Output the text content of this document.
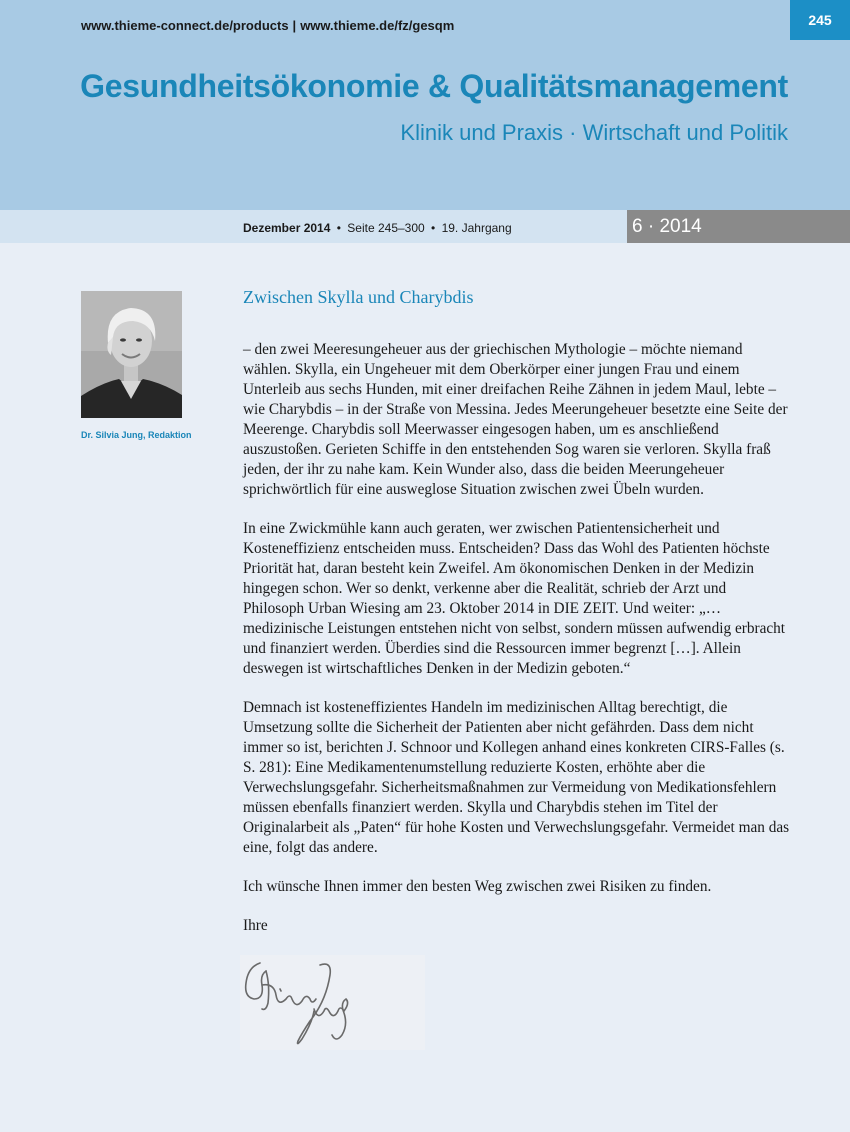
www.thieme-connect.de/products | www.thieme.de/fz/gesqm	245
Gesundheitsökonomie & Qualitätsmanagement
Klinik und Praxis · Wirtschaft und Politik
Dezember 2014 • Seite 245–300 • 19. Jahrgang	6 · 2014
Dr. Silvia Jung, Redaktion
Zwischen Skylla und Charybdis

– den zwei Meeresungeheuer aus der griechischen Mythologie – möchte niemand wählen. Skylla, ein Ungeheuer mit dem Oberkörper einer jungen Frau und einem Unterleib aus sechs Hunden, mit einer dreifachen Reihe Zähnen in jedem Maul, lebte – wie Charybdis – in der Straße von Messina. Jedes Meerungeheuer besetzte eine Seite der Meerenge. Charybdis soll Meerwasser eingesogen haben, um es anschließend auszustoßen. Gerieten Schiffe in den entstehenden Sog waren sie verloren. Skylla fraß jeden, der ihr zu nahe kam. Kein Wunder also, dass die beiden Meerungeheuer sprichwörtlich für eine ausweglose Situation zwischen zwei Übeln wurden.

In eine Zwickmühle kann auch geraten, wer zwischen Patientensicherheit und Kosteneffizienz entscheiden muss. Entscheiden? Dass das Wohl des Patienten höchste Priorität hat, daran besteht kein Zweifel. Am ökonomischen Denken in der Medizin hingegen schon. Wer so denkt, verkenne aber die Realität, schrieb der Arzt und Philosoph Urban Wiesing am 23. Oktober 2014 in DIE ZEIT. Und weiter: „…medizinische Leistungen entstehen nicht von selbst, sondern müssen aufwendig erbracht und finanziert werden. Überdies sind die Ressourcen immer begrenzt […]. Allein deswegen ist wirtschaftliches Denken in der Medizin geboten.“

Demnach ist kosteneffizientes Handeln im medizinischen Alltag berechtigt, die Umsetzung sollte die Sicherheit der Patienten aber nicht gefährden. Dass dem nicht immer so ist, berichten J. Schnoor und Kollegen anhand eines konkreten CIRS-Falles (s. S. 281): Eine Medikamentenumstellung reduzierte Kosten, erhöhte aber die Verwechslungsgefahr. Sicherheitsmaßnahmen zur Vermeidung von Medikationsfehlern müssen ebenfalls finanziert werden. Skylla und Charybdis stehen im Titel der Originalarbeit als „Paten“ für hohe Kosten und Verwechslungsgefahr. Vermeidet man das eine, folgt das andere.

Ich wünsche Ihnen immer den besten Weg zwischen zwei Risiken zu finden.

Ihre
